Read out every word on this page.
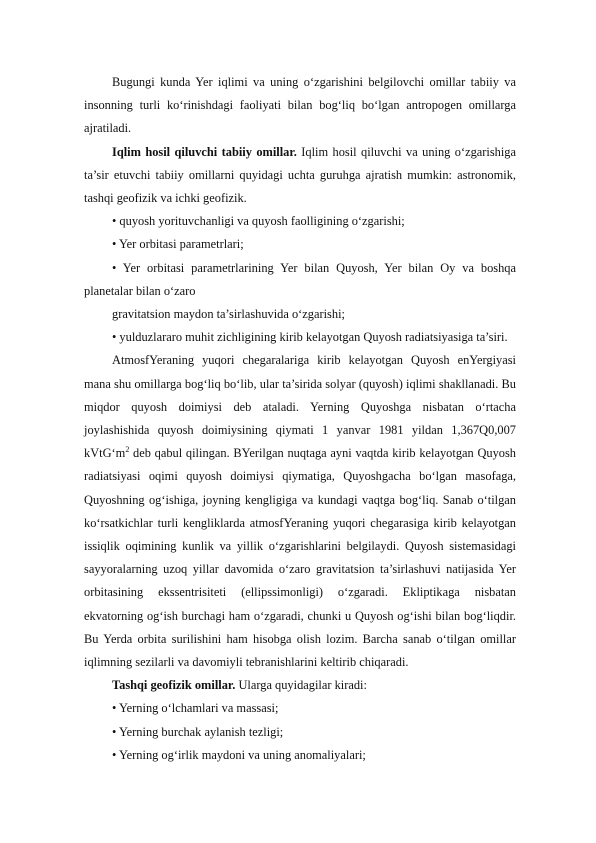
Bugungi kunda Yer iqlimi va uning o‘zgarishini belgilovchi omillar tabiiy va insonning turli ko‘rinishdagi faoliyati bilan bog‘liq bo‘lgan antropogen omillarga ajratiladi.

Iqlim hosil qiluvchi tabiiy omillar. Iqlim hosil qiluvchi va uning o‘zgarishiga ta’sir etuvchi tabiiy omillarni quyidagi uchta guruhga ajratish mumkin: astronomik, tashqi geofizik va ichki geofizik.

• quyosh yorituvchanligi va quyosh faolligining o‘zgarishi;

• Yer orbitasi parametrlari;

• Yer orbitasi parametrlarining Yer bilan Quyosh, Yer bilan Oy va boshqa planetalar bilan o‘zaro

gravitatsion maydon ta’sirlashuvida o‘zgarishi;

• yulduzlararo muhit zichligining kirib kelayotgan Quyosh radiatsiyasiga ta’siri.

AtmosfYeraning yuqori chegaralariga kirib kelayotgan Quyosh enYergiyasi mana shu omillarga bog‘liq bo‘lib, ular ta’sirida solyar (quyosh) iqlimi shakllanadi. Bu miqdor quyosh doimiysi deb ataladi. Yerning Quyoshga nisbatan o‘rtacha joylashishida quyosh doimiysining qiymati 1 yanvar 1981 yildan 1,367Q0,007 $kVtG‘m^2$ deb qabul qilingan. BYerilgan nuqtaga ayni vaqtda kirib kelayotgan Quyosh radiatsiyasi oqimi quyosh doimiysi qiymatiga, Quyoshgacha bo‘lgan masofaga, Quyoshning og‘ishiga, joyning kengligiga va kundagi vaqtga bog‘liq. Sanab o‘tilgan ko‘rsatkichlar turli kengliklarda atmosfYeraning yuqori chegarasiga kirib kelayotgan issiqlik oqimining kunlik va yillik o‘zgarishlarini belgilaydi. Quyosh sistemasidagi sayyoralarning uzoq yillar davomida o‘zaro gravitatsion ta’sirlashuvi natijasida Yer orbitasining ekssentrisiteti (ellipssimonligi) o‘zgaradi. Ekliptikaga nisbatan ekvatorning og‘ish burchagi ham o‘zgaradi, chunki u Quyosh og‘ishi bilan bog‘liqdir. Bu Yerda orbita surilishini ham hisobga olish lozim. Barcha sanab o‘tilgan omillar iqlimning sezilarli va davomiyli tebranishlarini keltirib chiqaradi.

Tashqi geofizik omillar. Ularga quyidagilar kiradi:

• Yerning o‘lchamlari va massasi;

• Yerning burchak aylanish tezligi;

• Yerning og‘irlik maydoni va uning anomaliyalari;
